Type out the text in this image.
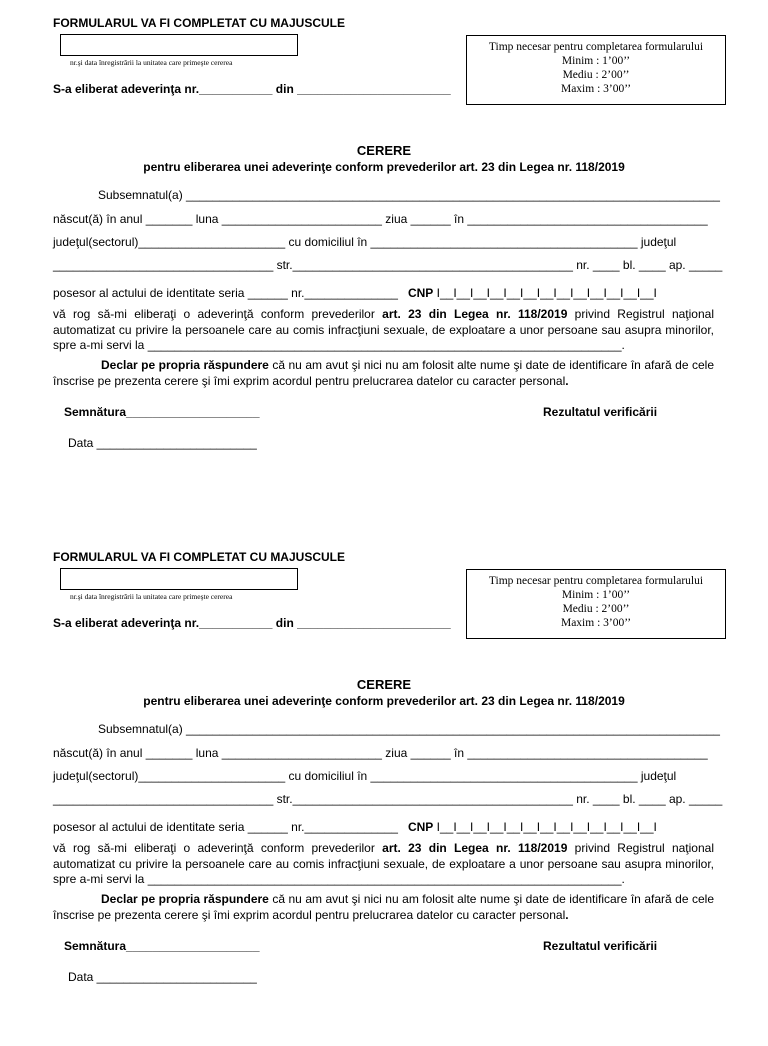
FORMULARUL VA FI COMPLETAT CU MAJUSCULE
nr.şi data înregistrării la unitatea care primeşte cererea
S-a eliberat adeverinţa nr.___________ din _______________________
Timp necesar pentru completarea formularului
Minim : 1’00’’
Mediu : 2’00’’
Maxim : 3’00’’
CERERE
pentru eliberarea unei adeverinţe conform prevederilor art. 23 din Legea nr. 118/2019
Subsemnatul(a) ________________________________________________________________________________
născut(ă) în anul _______ luna ________________________ ziua ______ în ____________________________________
judeţul(sectorul)______________________ cu domiciliul în ________________________________________ judeţul
_________________________________ str.__________________________________________ nr. ____ bl. ____ ap. _____
posesor al actului de identitate seria ______ nr.______________ CNP I__I__I__I__I__I__I__I__I__I__I__I__I__I
vă rog să-mi eliberaţi o adeverinţă conform prevederilor art. 23 din Legea nr. 118/2019 privind Registrul naţional automatizat cu privire la persoanele care au comis infracţiuni sexuale, de exploatare a unor persoane sau asupra minorilor, spre a-mi servi la _______________________________________________________________________.
Declar pe propria răspundere că nu am avut şi nici nu am folosit alte nume şi date de identificare în afară de cele înscrise pe prezenta cerere şi îmi exprim acordul pentru prelucrarea datelor cu caracter personal.
Semnătura____________________	Rezultatul verificării
Data ________________________
FORMULARUL VA FI COMPLETAT CU MAJUSCULE
nr.şi data înregistrării la unitatea care primeşte cererea
S-a eliberat adeverinţa nr.___________ din _______________________
Timp necesar pentru completarea formularului
Minim : 1’00’’
Mediu : 2’00’’
Maxim : 3’00’’
CERERE
pentru eliberarea unei adeverinţe conform prevederilor art. 23 din Legea nr. 118/2019
Subsemnatul(a) ________________________________________________________________________________
născut(ă) în anul _______ luna ________________________ ziua ______ în ____________________________________
judeţul(sectorul)______________________ cu domiciliul în ________________________________________ judeţul
_________________________________ str.__________________________________________ nr. ____ bl. ____ ap. _____
posesor al actului de identitate seria ______ nr.______________ CNP I__I__I__I__I__I__I__I__I__I__I__I__I__I
vă rog să-mi eliberaţi o adeverinţă conform prevederilor art. 23 din Legea nr. 118/2019 privind Registrul naţional automatizat cu privire la persoanele care au comis infracţiuni sexuale, de exploatare a unor persoane sau asupra minorilor, spre a-mi servi la _______________________________________________________________________.
Declar pe propria răspundere că nu am avut şi nici nu am folosit alte nume şi date de identificare în afară de cele înscrise pe prezenta cerere şi îmi exprim acordul pentru prelucrarea datelor cu caracter personal.
Semnătura____________________	Rezultatul verificării
Data ________________________
